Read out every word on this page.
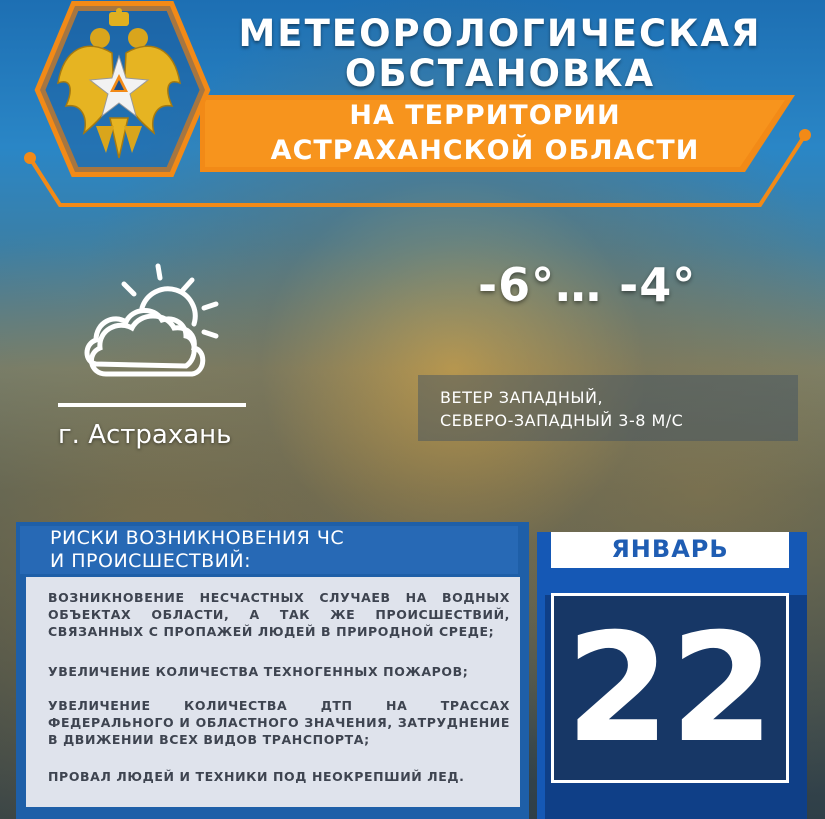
МЕТЕОРОЛОГИЧЕСКАЯ
ОБСТАНОВКА
НА ТЕРРИТОРИИ
АСТРАХАНСКОЙ ОБЛАСТИ
г. Астрахань
-6°… -4°
ВЕТЕР ЗАПАДНЫЙ,
СЕВЕРО-ЗАПАДНЫЙ 3-8 М/С
РИСКИ ВОЗНИКНОВЕНИЯ ЧС
И ПРОИСШЕСТВИЙ:
ВОЗНИКНОВЕНИЕ НЕСЧАСТНЫХ СЛУЧАЕВ НА ВОДНЫХ ОБЪЕКТАХ ОБЛАСТИ, А ТАК ЖЕ ПРОИСШЕСТВИЙ, СВЯЗАННЫХ С ПРОПАЖЕЙ ЛЮДЕЙ В ПРИРОДНОЙ СРЕДЕ;
УВЕЛИЧЕНИЕ КОЛИЧЕСТВА ТЕХНОГЕННЫХ ПОЖАРОВ;
УВЕЛИЧЕНИЕ КОЛИЧЕСТВА ДТП НА ТРАССАХ ФЕДЕРАЛЬНОГО И ОБЛАСТНОГО ЗНАЧЕНИЯ, ЗАТРУДНЕНИЕ В ДВИЖЕНИИ ВСЕХ ВИДОВ ТРАНСПОРТА;
ПРОВАЛ ЛЮДЕЙ И ТЕХНИКИ ПОД НЕОКРЕПШИЙ ЛЕД.
ЯНВАРЬ
22
